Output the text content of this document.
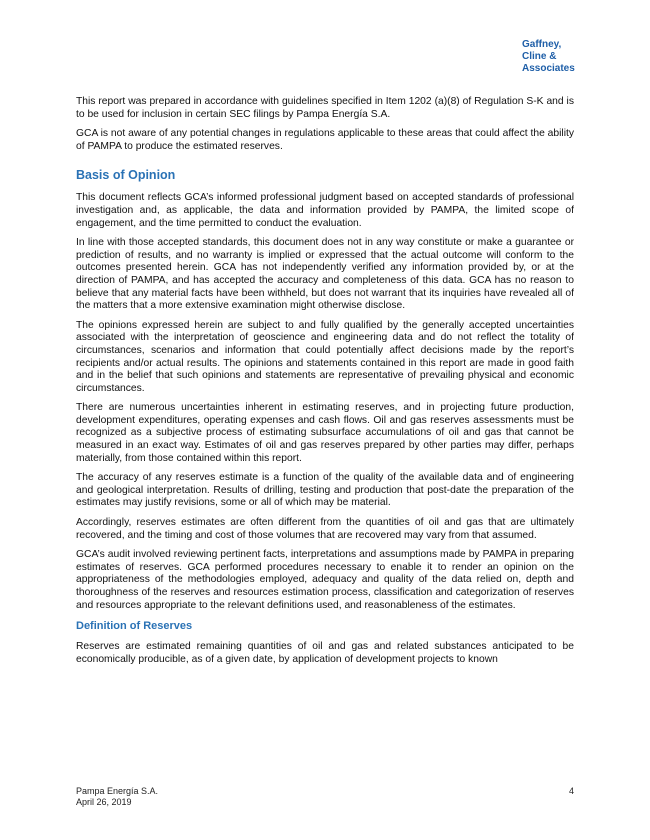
Gaffney,
Cline &
Associates

This report was prepared in accordance with guidelines specified in Item 1202 (a)(8) of Regulation S-K and is to be used for inclusion in certain SEC filings by Pampa Energía S.A.

GCA is not aware of any potential changes in regulations applicable to these areas that could affect the ability of PAMPA to produce the estimated reserves.

Basis of Opinion

This document reflects GCA’s informed professional judgment based on accepted standards of professional investigation and, as applicable, the data and information provided by PAMPA, the limited scope of engagement, and the time permitted to conduct the evaluation.

In line with those accepted standards, this document does not in any way constitute or make a guarantee or prediction of results, and no warranty is implied or expressed that the actual outcome will conform to the outcomes presented herein. GCA has not independently verified any information provided by, or at the direction of PAMPA, and has accepted the accuracy and completeness of this data. GCA has no reason to believe that any material facts have been withheld, but does not warrant that its inquiries have revealed all of the matters that a more extensive examination might otherwise disclose.

The opinions expressed herein are subject to and fully qualified by the generally accepted uncertainties associated with the interpretation of geoscience and engineering data and do not reflect the totality of circumstances, scenarios and information that could potentially affect decisions made by the report’s recipients and/or actual results. The opinions and statements contained in this report are made in good faith and in the belief that such opinions and statements are representative of prevailing physical and economic circumstances.

There are numerous uncertainties inherent in estimating reserves, and in projecting future production, development expenditures, operating expenses and cash flows. Oil and gas reserves assessments must be recognized as a subjective process of estimating subsurface accumulations of oil and gas that cannot be measured in an exact way. Estimates of oil and gas reserves prepared by other parties may differ, perhaps materially, from those contained within this report.

The accuracy of any reserves estimate is a function of the quality of the available data and of engineering and geological interpretation. Results of drilling, testing and production that post-date the preparation of the estimates may justify revisions, some or all of which may be material.

Accordingly, reserves estimates are often different from the quantities of oil and gas that are ultimately recovered, and the timing and cost of those volumes that are recovered may vary from that assumed.

GCA’s audit involved reviewing pertinent facts, interpretations and assumptions made by PAMPA in preparing estimates of reserves. GCA performed procedures necessary to enable it to render an opinion on the appropriateness of the methodologies employed, adequacy and quality of the data relied on, depth and thoroughness of the reserves and resources estimation process, classification and categorization of reserves and resources appropriate to the relevant definitions used, and reasonableness of the estimates.

Definition of Reserves

Reserves are estimated remaining quantities of oil and gas and related substances anticipated to be economically producible, as of a given date, by application of development projects to known

Pampa Energía S.A.
April 26, 2019
4
